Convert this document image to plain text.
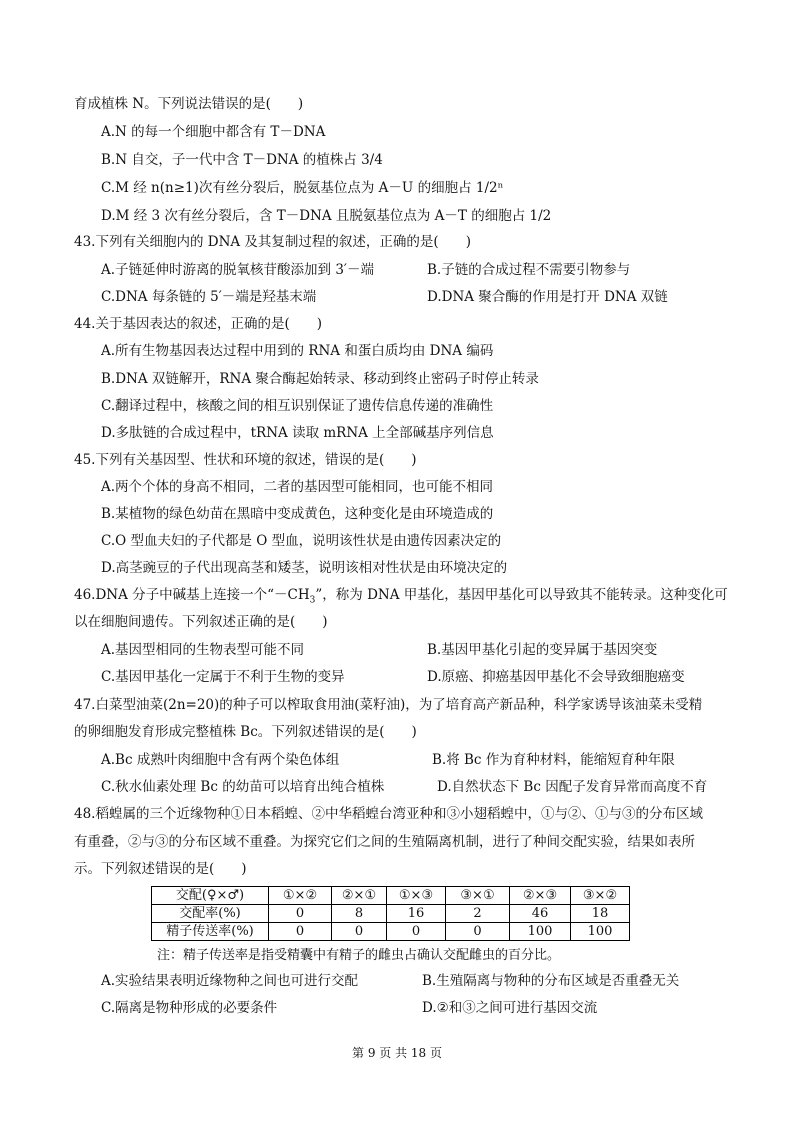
育成植株 N。下列说法错误的是(　　)
A.N 的每一个细胞中都含有 T－DNA
B.N 自交，子一代中含 T－DNA 的植株占 3/4
C.M 经 n(n≥1)次有丝分裂后，脱氨基位点为 A－U 的细胞占 1/2ⁿ
D.M 经 3 次有丝分裂后，含 T－DNA 且脱氨基位点为 A－T 的细胞占 1/2
43.下列有关细胞内的 DNA 及其复制过程的叙述，正确的是(　　)
A.子链延伸时游离的脱氧核苷酸添加到 3′－端	B.子链的合成过程不需要引物参与
C.DNA 每条链的 5′－端是羟基末端	D.DNA 聚合酶的作用是打开 DNA 双链
44.关于基因表达的叙述，正确的是(　　)
A.所有生物基因表达过程中用到的 RNA 和蛋白质均由 DNA 编码
B.DNA 双链解开，RNA 聚合酶起始转录、移动到终止密码子时停止转录
C.翻译过程中，核酸之间的相互识别保证了遗传信息传递的准确性
D.多肽链的合成过程中，tRNA 读取 mRNA 上全部碱基序列信息
45.下列有关基因型、性状和环境的叙述，错误的是(　　)
A.两个个体的身高不相同，二者的基因型可能相同，也可能不相同
B.某植物的绿色幼苗在黑暗中变成黄色，这种变化是由环境造成的
C.O 型血夫妇的子代都是 O 型血，说明该性状是由遗传因素决定的
D.高茎豌豆的子代出现高茎和矮茎，说明该相对性状是由环境决定的
46.DNA 分子中碱基上连接一个“$-CH_3$”，称为 DNA 甲基化，基因甲基化可以导致其不能转录。这种变化可
以在细胞间遗传。下列叙述正确的是(　　)
A.基因型相同的生物表型可能不同	B.基因甲基化引起的变异属于基因突变
C.基因甲基化一定属于不利于生物的变异	D.原癌、抑癌基因甲基化不会导致细胞癌变
47.白菜型油菜(2n=20)的种子可以榨取食用油(菜籽油)，为了培育高产新品种，科学家诱导该油菜未受精
的卵细胞发育形成完整植株 Bc。下列叙述错误的是(　　)
A.Bc 成熟叶肉细胞中含有两个染色体组	B.将 Bc 作为育种材料，能缩短育种年限
C.秋水仙素处理 Bc 的幼苗可以培育出纯合植株	D.自然状态下 Bc 因配子发育异常而高度不育
48.稻蝗属的三个近缘物种①日本稻蝗、②中华稻蝗台湾亚种和③小翅稻蝗中，①与②、①与③的分布区域
有重叠，②与③的分布区域不重叠。为探究它们之间的生殖隔离机制，进行了种间交配实验，结果如表所
示。下列叙述错误的是(　　)
交配(♀×♂)	①×②	②×①	①×③	③×①	②×③	③×②
交配率(%)	0	8	16	2	46	18
精子传送率(%)	0	0	0	0	100	100
注：精子传送率是指受精囊中有精子的雌虫占确认交配雌虫的百分比。
A.实验结果表明近缘物种之间也可进行交配	B.生殖隔离与物种的分布区域是否重叠无关
C.隔离是物种形成的必要条件	D.②和③之间可进行基因交流
第 9 页 共 18 页
